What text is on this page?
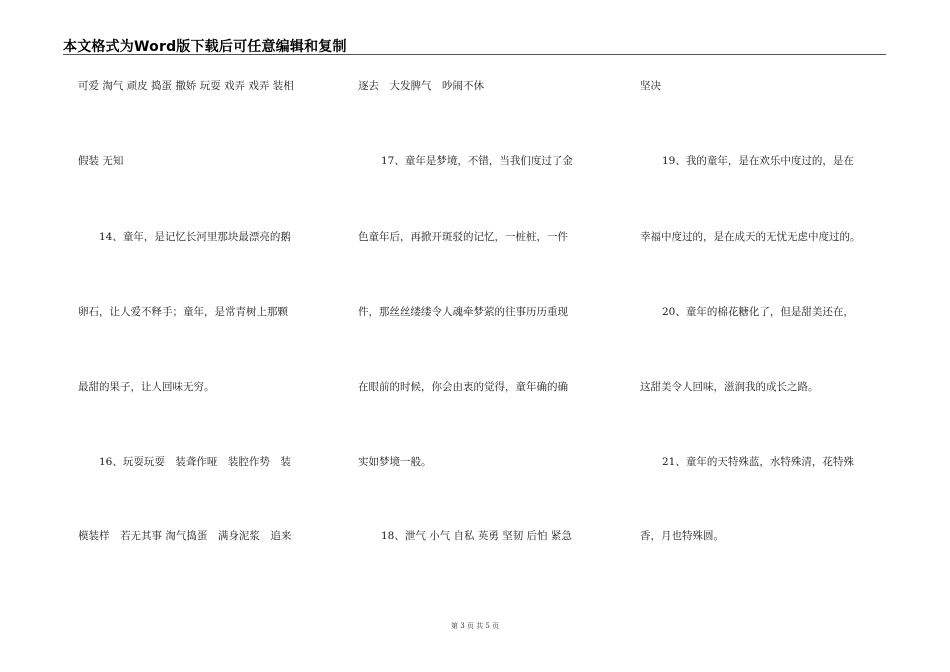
本文格式为Word版下载后可任意编辑和复制
可爱 淘气 顽皮 捣蛋 撒娇 玩耍 戏弄 戏弄 装相
假装 无知
14、童年，是记忆长河里那块最漂亮的鹅
卵石，让人爱不释手；童年，是常青树上那颗
最甜的果子，让人回味无穷。
16、玩耍玩耍　装聋作哑　装腔作势　装
模装样　若无其事 淘气捣蛋　满身泥浆　追来
逐去　大发脾气　吵闹不休
17、童年是梦境，不错，当我们度过了金
色童年后，再掀开斑驳的记忆，一桩桩，一件
件，那丝丝缕缕令人魂牵梦萦的往事历历重现
在眼前的时候，你会由衷的觉得，童年确的确
实如梦境一般。
18、泄气 小气 自私 英勇 坚韧 后怕 紧急
坚决
19、我的童年，是在欢乐中度过的，是在
幸福中度过的，是在成天的无忧无虑中度过的。
20、童年的棉花糖化了，但是甜美还在，
这甜美令人回味，滋润我的成长之路。
21、童年的天特殊蓝，水特殊清，花特殊
香，月也特殊圆。
第 3 页 共 5 页
